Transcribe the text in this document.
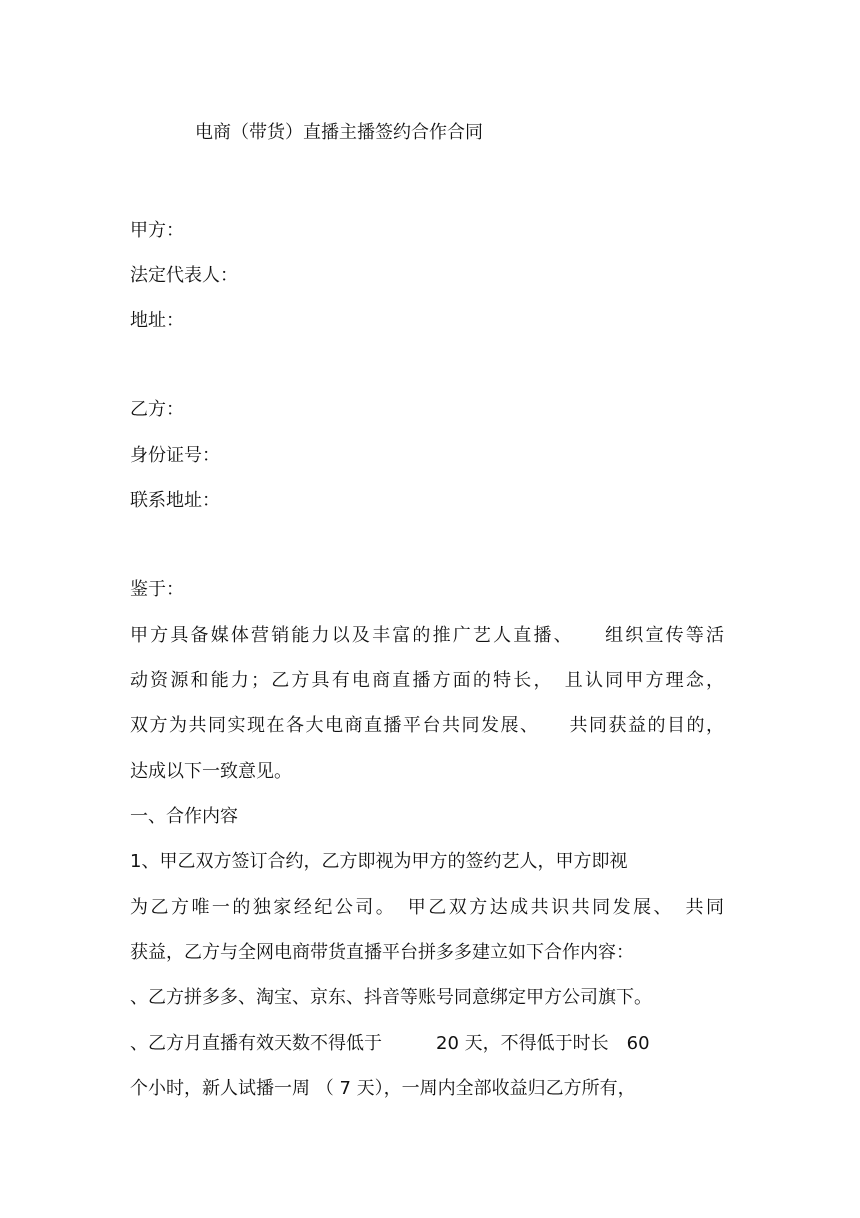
电商（带货）直播主播签约合作合同

甲方：

法定代表人：

地址：

乙方：

身份证号：

联系地址：

鉴于：

甲方具备媒体营销能力以及丰富的推广艺人直播、　　组织宣传等活

动资源和能力；乙方具有电商直播方面的特长，　且认同甲方理念，

双方为共同实现在各大电商直播平台共同发展、　　共同获益的目的，

达成以下一致意见。

一、合作内容

1、甲乙双方签订合约，乙方即视为甲方的签约艺人，甲方即视

为乙方唯一的独家经纪公司。　甲乙双方达成共识共同发展、　共同

获益，乙方与全网电商带货直播平台拼多多建立如下合作内容：

、乙方拼多多、淘宝、京东、抖音等账号同意绑定甲方公司旗下。

、乙方月直播有效天数不得低于　　　20 天，不得低于时长　60

个小时，新人试播一周 （ 7 天），一周内全部收益归乙方所有，
